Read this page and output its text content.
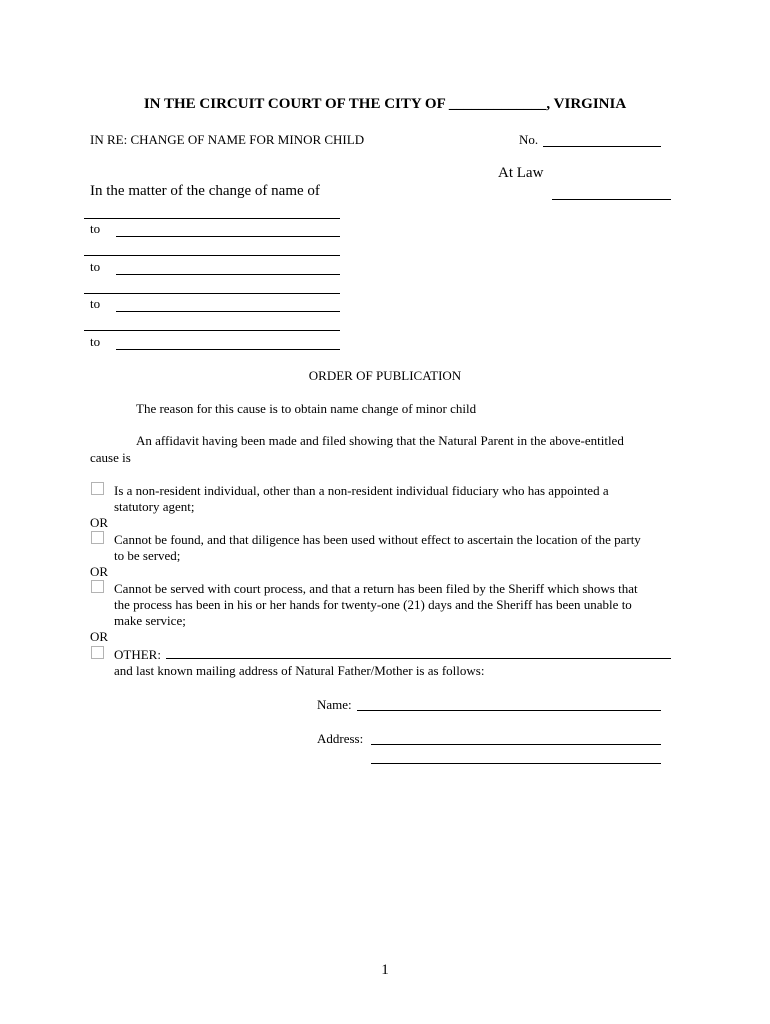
IN THE CIRCUIT COURT OF THE CITY OF _____________, VIRGINIA
IN RE: CHANGE OF NAME FOR MINOR CHILD	No.
At Law
In the matter of the change of name of
to
to
to
to
ORDER OF PUBLICATION
The reason for this cause is to obtain name change of minor child
An affidavit having been made and filed showing that the Natural Parent in the above-entitled
cause is
Is a non-resident individual, other than a non-resident individual fiduciary who has appointed a
statutory agent;
OR
Cannot be found, and that diligence has been used without effect to ascertain the location of the party
to be served;
OR
Cannot be served with court process, and that a return has been filed by the Sheriff which shows that
the process has been in his or her hands for twenty-one (21) days and the Sheriff has been unable to
make service;
OR
OTHER:
and last known mailing address of Natural Father/Mother is as follows:
Name:
Address:
1
